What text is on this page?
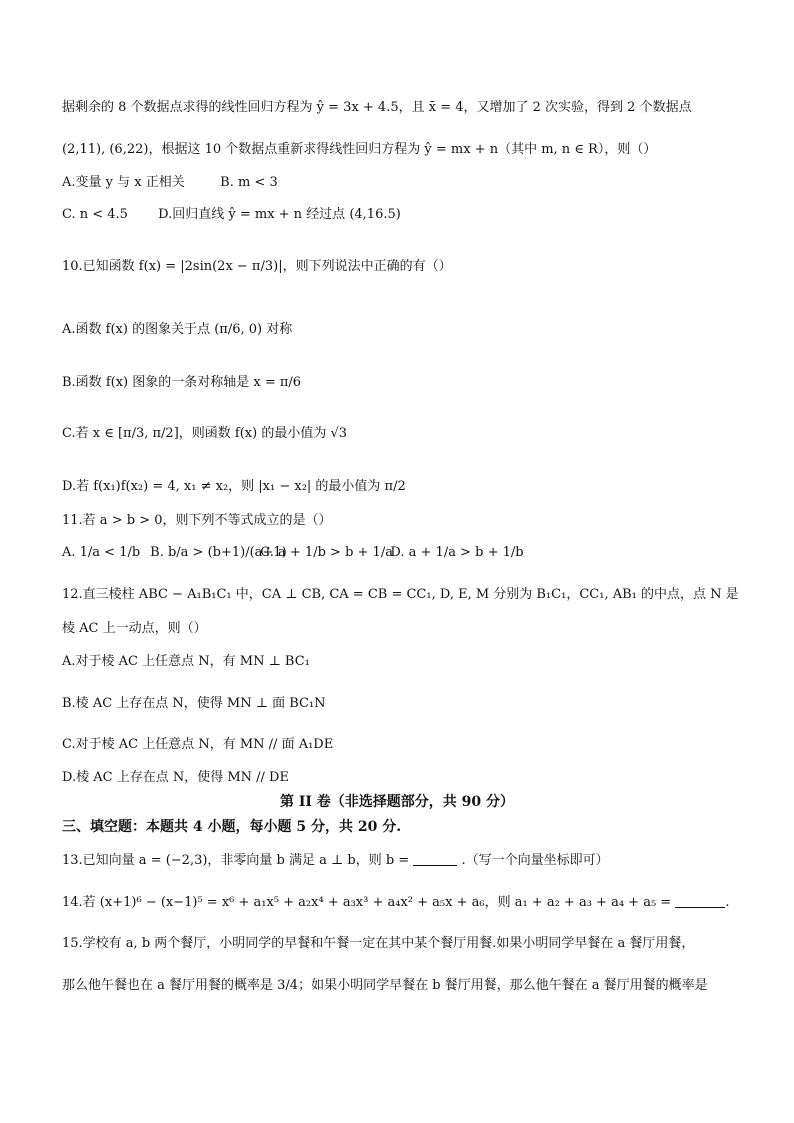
据剩余的 8 个数据点求得的线性回归方程为 ŷ = 3x + 4.5，且 x̄ = 4，又增加了 2 次实验，得到 2 个数据点
(2,11), (6,22)，根据这 10 个数据点重新求得线性回归方程为 ŷ = mx + n（其中 m, n ∈ R），则（）
A.变量 y 与 x 正相关	B. m < 3
C. n < 4.5 D.回归直线 ŷ = mx + n 经过点 (4,16.5)
10.已知函数 f(x) = |2sin(2x − π/3)|，则下列说法中正确的有（）
A.函数 f(x) 的图象关于点 (π/6, 0) 对称
B.函数 f(x) 图象的一条对称轴是 x = π/6
C.若 x ∈ [π/3, π/2]，则函数 f(x) 的最小值为 √3
D.若 f(x₁)f(x₂) = 4, x₁ ≠ x₂，则 |x₁ − x₂| 的最小值为 π/2
11.若 a > b > 0，则下列不等式成立的是（）
A. 1/a < 1/b B. b/a > (b+1)/(a+1) C. a + 1/b > b + 1/a D. a + 1/a > b + 1/b
12.直三棱柱 ABC − A₁B₁C₁ 中，CA ⊥ CB, CA = CB = CC₁, D, E, M 分别为 B₁C₁，CC₁, AB₁ 的中点，点 N 是
棱 AC 上一动点，则（）
A.对于棱 AC 上任意点 N，有 MN ⊥ BC₁
B.棱 AC 上存在点 N，使得 MN ⊥ 面 BC₁N
C.对于棱 AC 上任意点 N，有 MN // 面 A₁DE
D.棱 AC 上存在点 N，使得 MN // DE
第 II 卷（非选择题部分，共 90 分）
三、填空题：本题共 4 小题，每小题 5 分，共 20 分.
13.已知向量 a = (−2,3)，非零向量 b 满足 a ⊥ b，则 b =	.（写一个向量坐标即可）
14.若 (x+1)⁶ − (x−1)⁵ = x⁶ + a₁x⁵ + a₂x⁴ + a₃x³ + a₄x² + a₅x + a₆，则 a₁ + a₂ + a₃ + a₄ + a₅ =	.
15.学校有 a, b 两个餐厅，小明同学的早餐和午餐一定在其中某个餐厅用餐.如果小明同学早餐在 a 餐厅用餐，
那么他午餐也在 a 餐厅用餐的概率是 3/4；如果小明同学早餐在 b 餐厅用餐，那么他午餐在 a 餐厅用餐的概率是
